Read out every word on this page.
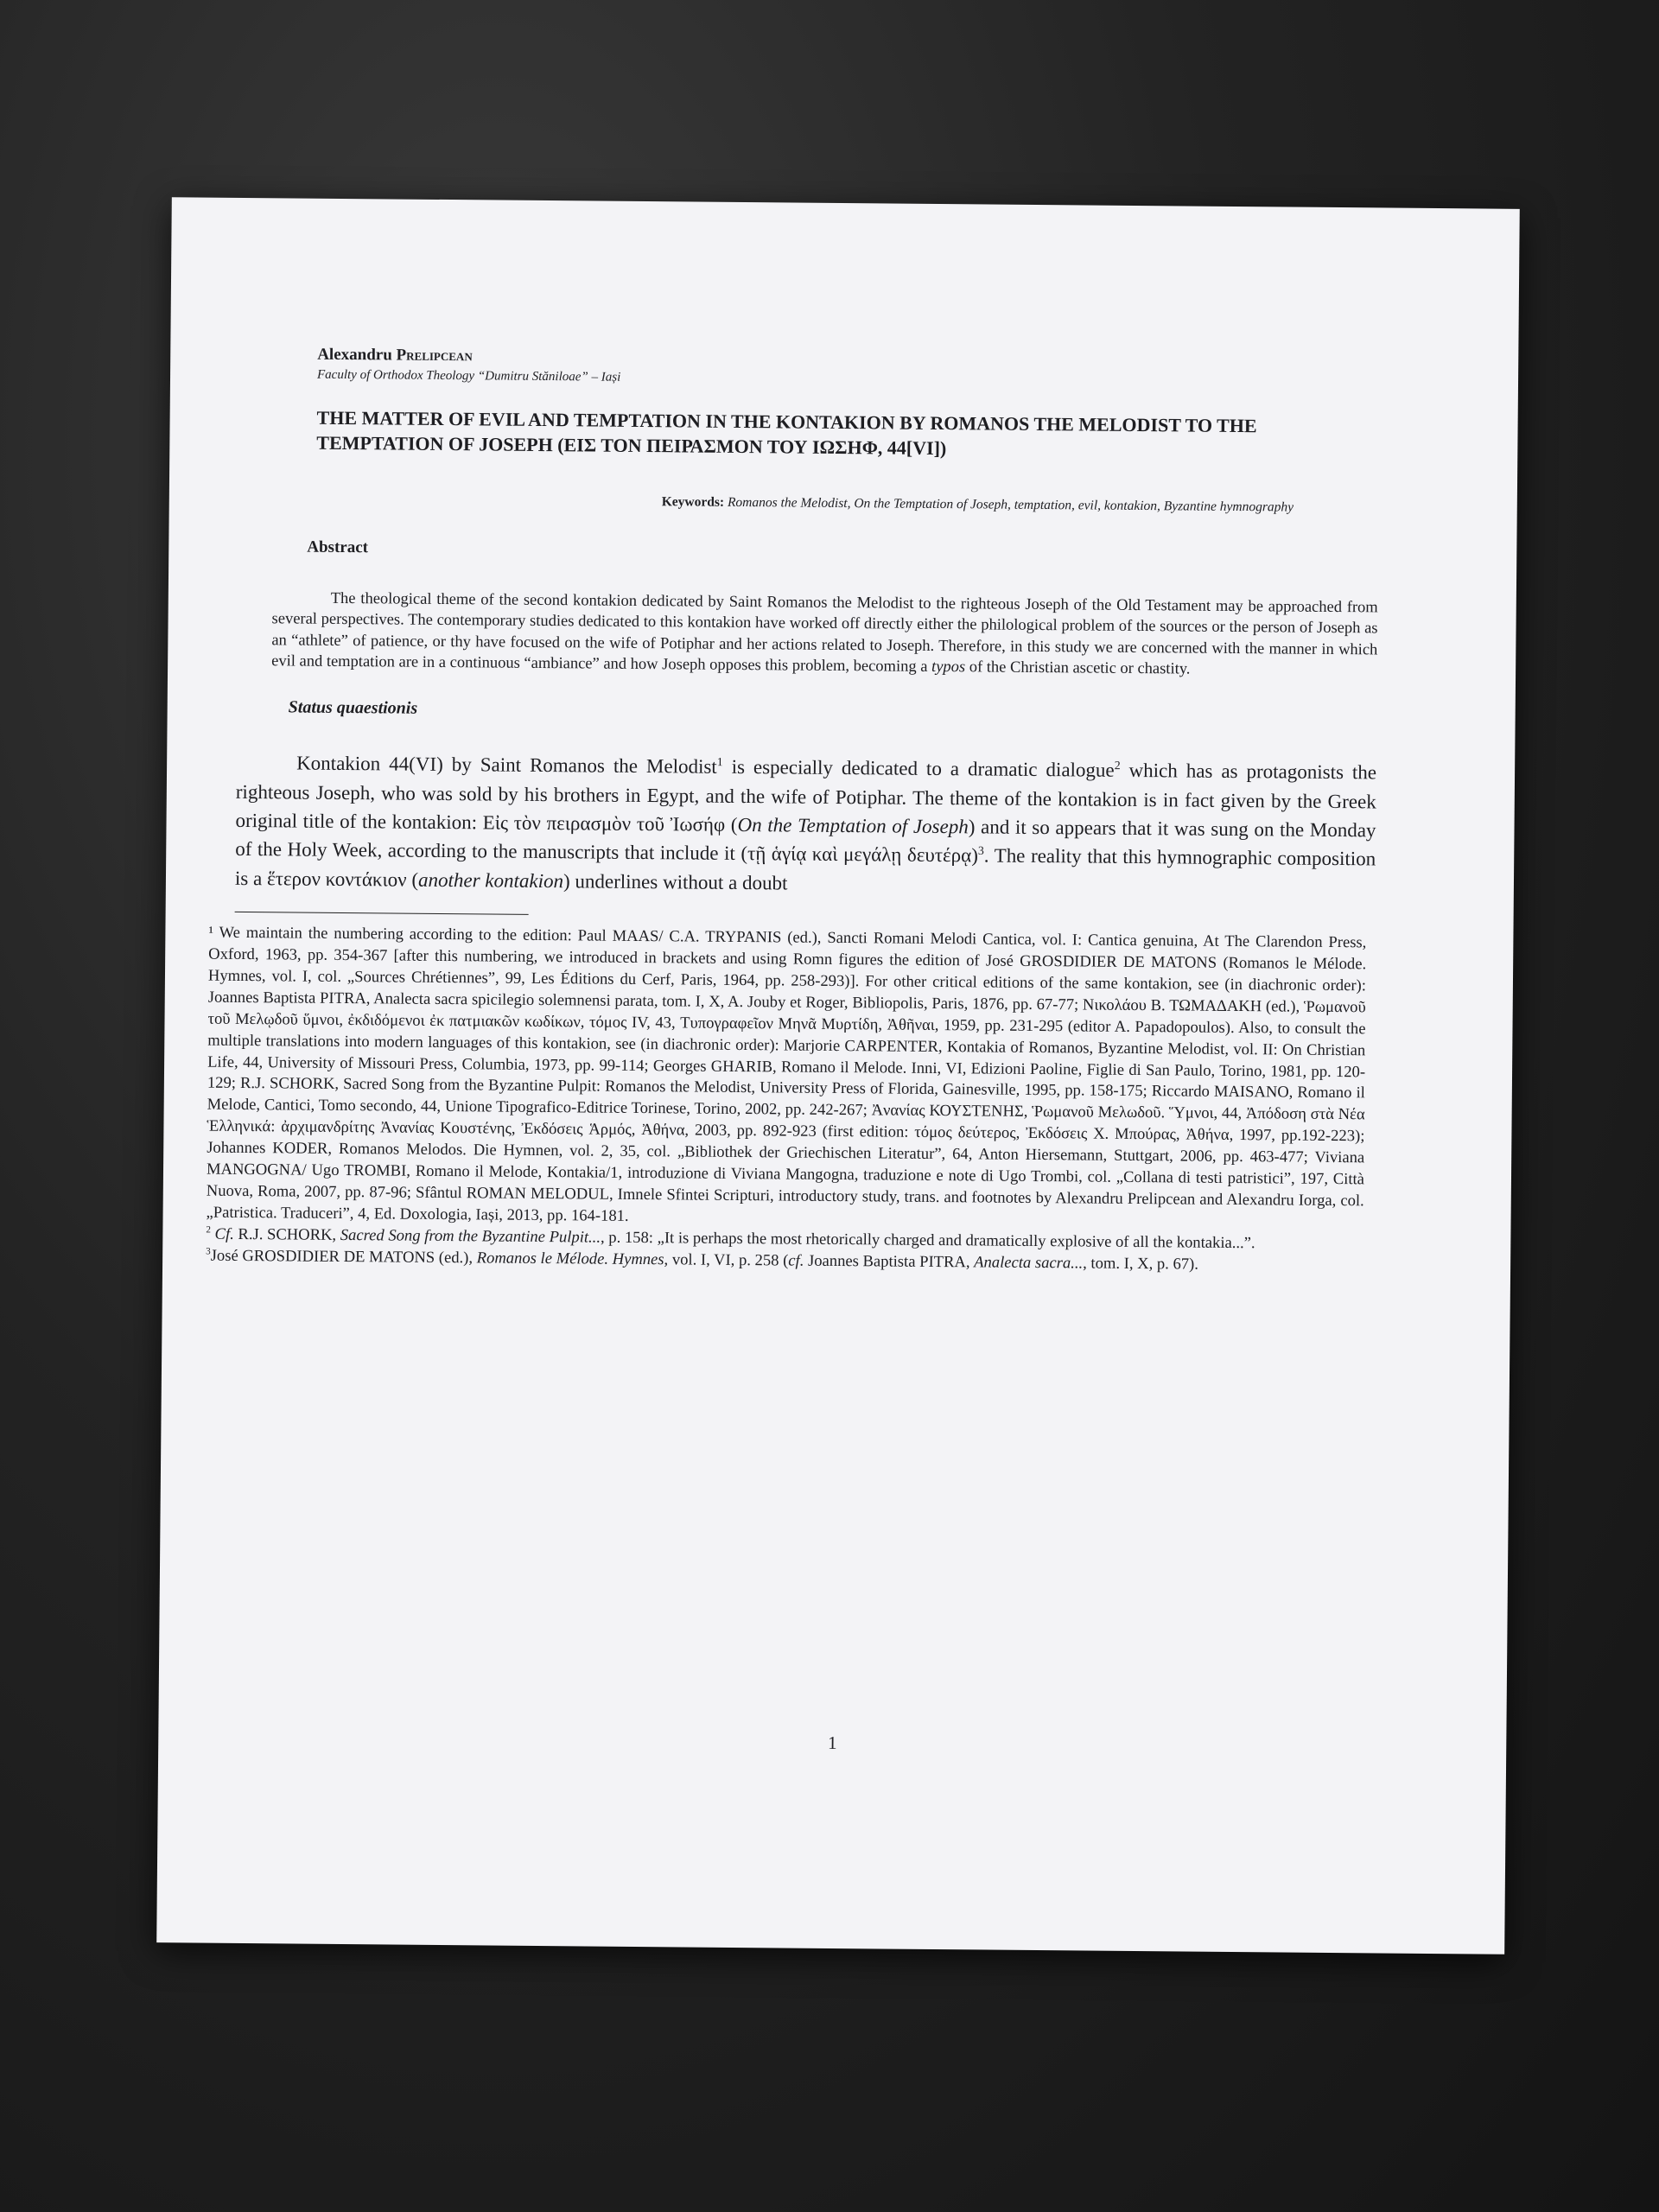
Alexandru Prelipcean

Faculty of Orthodox Theology “Dumitru Stăniloae” – Iași

THE MATTER OF EVIL AND TEMPTATION IN THE KONTAKION BY ROMANOS THE MELODIST TO THE TEMPTATION OF JOSEPH (ΕΙΣ ΤΟΝ ΠΕΙΡΑΣΜΟΝ ΤΟΥ ΙΩΣΗΦ, 44[VI])

Keywords: Romanos the Melodist, On the Temptation of Joseph, temptation, evil, kontakion, Byzantine hymnography

Abstract

The theological theme of the second kontakion dedicated by Saint Romanos the Melodist to the righteous Joseph of the Old Testament may be approached from several perspectives. The contemporary studies dedicated to this kontakion have worked off directly either the philological problem of the sources or the person of Joseph as an “athlete” of patience, or thy have focused on the wife of Potiphar and her actions related to Joseph. Therefore, in this study we are concerned with the manner in which evil and temptation are in a continuous “ambiance” and how Joseph opposes this problem, becoming a typos of the Christian ascetic or chastity.

Status quaestionis

Kontakion 44(VI) by Saint Romanos the Melodist$^1$ is especially dedicated to a dramatic dialogue$^2$ which has as protagonists the righteous Joseph, who was sold by his brothers in Egypt, and the wife of Potiphar. The theme of the kontakion is in fact given by the Greek original title of the kontakion: Εἰς τὸν πειρασμὸν τοῦ Ἰωσήφ (On the Temptation of Joseph) and it so appears that it was sung on the Monday of the Holy Week, according to the manuscripts that include it (τῇ ἁγίᾳ καὶ μεγάλῃ δευτέρᾳ)$^3$. The reality that this hymnographic composition is a ἕτερον κοντάκιον (another kontakion) underlines without a doubt

¹ We maintain the numbering according to the edition: Paul MAAS/ C.A. TRYPANIS (ed.), Sancti Romani Melodi Cantica, vol. I: Cantica genuina, At The Clarendon Press, Oxford, 1963, pp. 354-367 [after this numbering, we introduced in brackets and using Romn figures the edition of José GROSDIDIER DE MATONS (Romanos le Mélode. Hymnes, vol. I, col. „Sources Chrétiennes”, 99, Les Éditions du Cerf, Paris, 1964, pp. 258-293)]. For other critical editions of the same kontakion, see (in diachronic order): Joannes Baptista PITRA, Analecta sacra spicilegio solemnensi parata, tom. I, X, A. Jouby et Roger, Bibliopolis, Paris, 1876, pp. 67-77; Νικολάου Β. ΤΩΜΑΔΑΚΗ (ed.), Ῥωμανοῦ τοῦ Μελῳδοῦ ὕμνοι, ἐκδιδόμενοι ἐκ πατμιακῶν κωδίκων, τόμος IV, 43, Τυπογραφεῖον Μηνᾶ Μυρτίδη, Ἀθῆναι, 1959, pp. 231-295 (editor A. Papadopoulos). Also, to consult the multiple translations into modern languages of this kontakion, see (in diachronic order): Marjorie CARPENTER, Kontakia of Romanos, Byzantine Melodist, vol. II: On Christian Life, 44, University of Missouri Press, Columbia, 1973, pp. 99-114; Georges GHARIB, Romano il Melode. Inni, VI, Edizioni Paoline, Figlie di San Paulo, Torino, 1981, pp. 120-129; R.J. SCHORK, Sacred Song from the Byzantine Pulpit: Romanos the Melodist, University Press of Florida, Gainesville, 1995, pp. 158-175; Riccardo MAISANO, Romano il Melode, Cantici, Tomo secondo, 44, Unione Tipografico-Editrice Torinese, Torino, 2002, pp. 242-267; Ἀνανίας ΚΟΥΣΤΕΝΗΣ, Ῥωμανοῦ Μελωδοῦ. Ὕμνοι, 44, Ἀπόδοση στὰ Νέα Ἑλληνικά: ἀρχιμανδρίτης Ἀνανίας Κουστένης, Ἐκδόσεις Ἁρμός, Ἀθήνα, 2003, pp. 892-923 (first edition: τόμος δεύτερος, Ἐκδόσεις Χ. Μπούρας, Ἀθήνα, 1997, pp.192-223); Johannes KODER, Romanos Melodos. Die Hymnen, vol. 2, 35, col. „Bibliothek der Griechischen Literatur”, 64, Anton Hiersemann, Stuttgart, 2006, pp. 463-477; Viviana MANGOGNA/ Ugo TROMBI, Romano il Melode, Kontakia/1, introduzione di Viviana Mangogna, traduzione e note di Ugo Trombi, col. „Collana di testi patristici”, 197, Città Nuova, Roma, 2007, pp. 87-96; Sfântul ROMAN MELODUL, Imnele Sfintei Scripturi, introductory study, trans. and footnotes by Alexandru Prelipcean and Alexandru Iorga, col. „Patristica. Traduceri”, 4, Ed. Doxologia, Iași, 2013, pp. 164-181.

$^2$ Cf. R.J. SCHORK, Sacred Song from the Byzantine Pulpit..., p. 158: „It is perhaps the most rhetorically charged and dramatically explosive of all the kontakia...”.

$^3$José GROSDIDIER DE MATONS (ed.), Romanos le Mélode. Hymnes, vol. I, VI, p. 258 (cf. Joannes Baptista PITRA, Analecta sacra..., tom. I, X, p. 67).

1
